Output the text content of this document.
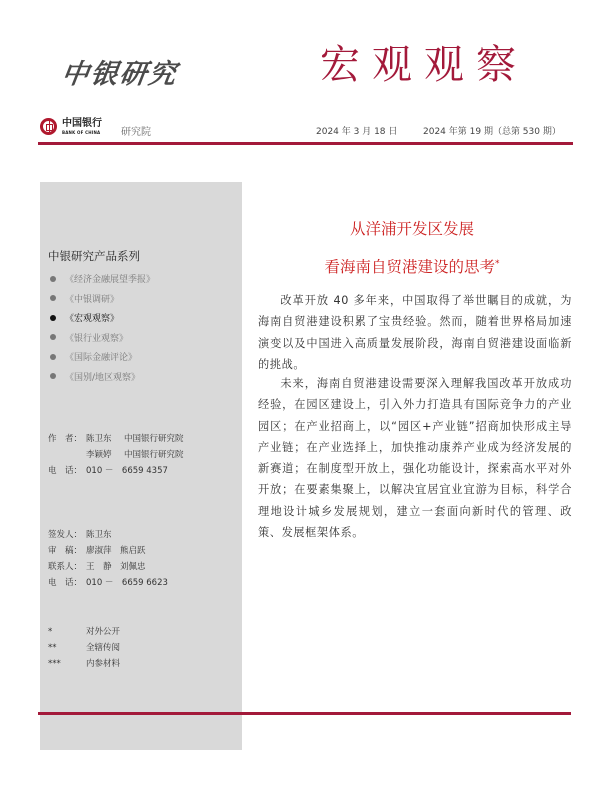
中银研究	宏观观察
中国银行
BANK OF CHINA 研究院	2024 年 3 月 18 日	2024 年第 19 期（总第 530 期）
中银研究产品系列
《经济金融展望季报》
《中银调研》
《宏观观察》
《银行业观察》
《国际金融评论》
《国别/地区观察》
作　者： 陈卫东	中国银行研究院
李颖婷	中国银行研究院
电　话： 010 －　6659 4357
签发人： 陈卫东
审　稿： 廖淑萍　熊启跃
联系人： 王　静　刘佩忠
电　话： 010 －　6659 6623
*	对外公开
**	全辖传阅
***	内参材料
从洋浦开发区发展
看海南自贸港建设的思考*

改革开放 40 多年来，中国取得了举世瞩目的成就，为海南自贸港建设积累了宝贵经验。然而，随着世界格局加速演变以及中国进入高质量发展阶段，海南自贸港建设面临新的挑战。

未来，海南自贸港建设需要深入理解我国改革开放成功经验，在园区建设上，引入外力打造具有国际竞争力的产业园区；在产业招商上，以“园区+产业链”招商加快形成主导产业链；在产业选择上，加快推动康养产业成为经济发展的新赛道；在制度型开放上，强化功能设计，探索高水平对外开放；在要素集聚上，以解决宜居宜业宜游为目标，科学合理地设计城乡发展规划，建立一套面向新时代的管理、政策、发展框架体系。
